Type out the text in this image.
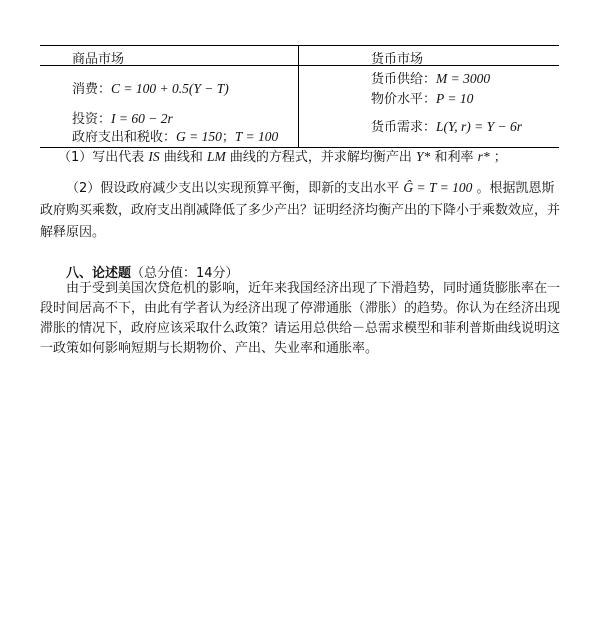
商品市场
消费：C = 100 + 0.5(Y − T)
投资：I = 60 − 2r
政府支出和税收：G = 150；T = 100
货币市场
货币供给：M = 3000
物价水平：P = 10
货币需求：L(Y, r) = Y − 6r
（1）写出代表 IS 曲线和 LM 曲线的方程式，并求解均衡产出 Y* 和利率 r* ；
（2）假设政府减少支出以实现预算平衡，即新的支出水平 Ĝ = T = 100 。根据凯恩斯政府购买乘数，政府支出削减降低了多少产出？证明经济均衡产出的下降小于乘数效应，并解释原因。
八、论述题（总分值：14分）
由于受到美国次贷危机的影响，近年来我国经济出现了下滑趋势，同时通货膨胀率在一段时间居高不下，由此有学者认为经济出现了停滞通胀（滞胀）的趋势。你认为在经济出现滞胀的情况下，政府应该采取什么政策？请运用总供给－总需求模型和菲利普斯曲线说明这一政策如何影响短期与长期物价、产出、失业率和通胀率。
